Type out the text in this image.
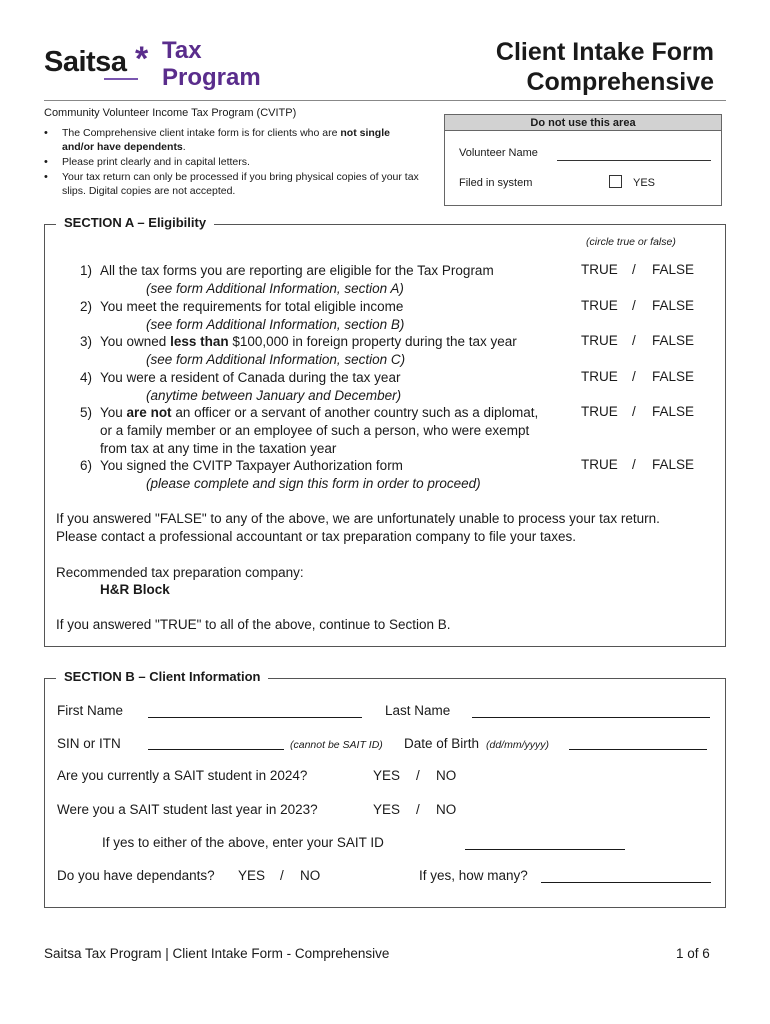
Saitsa * Tax
Program
Client Intake Form
Comprehensive
Community Volunteer Income Tax Program (CVITP)
• The Comprehensive client intake form is for clients who are not single and/or have dependents.
• Please print clearly and in capital letters.
• Your tax return can only be processed if you bring physical copies of your tax slips. Digital copies are not accepted.
Do not use this area
Volunteer Name
Filed in system	YES
SECTION A – Eligibility
(circle true or false)
1) All the tax forms you are reporting are eligible for the Tax Program
(see form Additional Information, section A)
TRUE / FALSE
2) You meet the requirements for total eligible income
(see form Additional Information, section B)
TRUE / FALSE
3) You owned less than $100,000 in foreign property during the tax year
(see form Additional Information, section C)
TRUE / FALSE
4) You were a resident of Canada during the tax year
(anytime between January and December)
TRUE / FALSE
5) You are not an officer or a servant of another country such as a diplomat,
or a family member or an employee of such a person, who were exempt
from tax at any time in the taxation year
TRUE / FALSE
6) You signed the CVITP Taxpayer Authorization form
(please complete and sign this form in order to proceed)
TRUE / FALSE
If you answered "FALSE" to any of the above, we are unfortunately unable to process your tax return.
Please contact a professional accountant or tax preparation company to file your taxes.
Recommended tax preparation company:
H&R Block
If you answered "TRUE" to all of the above, continue to Section B.
SECTION B – Client Information
First Name	Last Name
SIN or ITN	(cannot be SAIT ID) Date of Birth (dd/mm/yyyy)
Are you currently a SAIT student in 2024?	YES / NO
Were you a SAIT student last year in 2023?	YES / NO
If yes to either of the above, enter your SAIT ID
Do you have dependants? YES / NO	If yes, how many?
Saitsa Tax Program | Client Intake Form - Comprehensive	1 of 6
